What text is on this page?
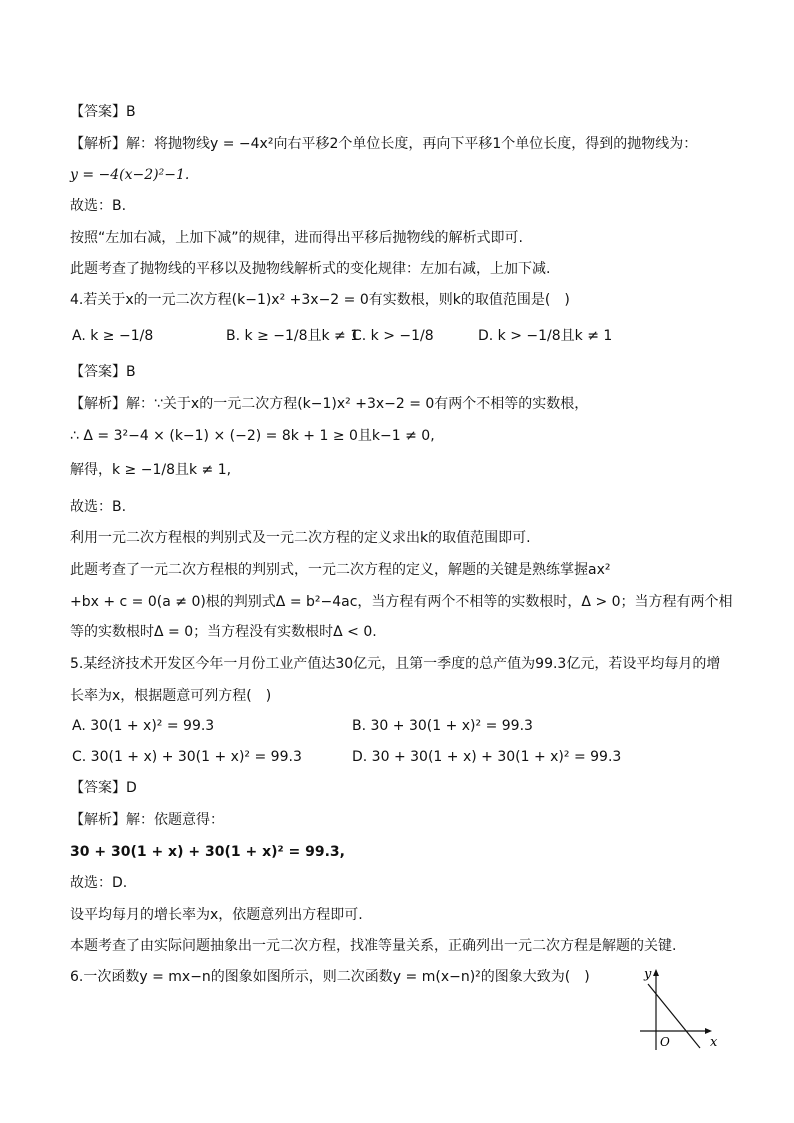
【答案】B
【解析】解：将抛物线y = −4x²向右平移2个单位长度，再向下平移1个单位长度，得到的抛物线为：
y = −4(x−2)²−1.
故选：B.
按照“左加右减，上加下减”的规律，进而得出平移后抛物线的解析式即可.
此题考查了抛物线的平移以及抛物线解析式的变化规律：左加右减，上加下减.
4.若关于x的一元二次方程(k−1)x² +3x−2 = 0有实数根，则k的取值范围是(　)
A. k ≥ −1/8	B. k ≥ −1/8且k ≠ 1
C. k > −1/8	D. k > −1/8且k ≠ 1
【答案】B
【解析】解：∵关于x的一元二次方程(k−1)x² +3x−2 = 0有两个不相等的实数根，
∴ Δ = 3²−4 × (k−1) × (−2) = 8k + 1 ≥ 0且k−1 ≠ 0,
解得，k ≥ −1/8且k ≠ 1,
故选：B.
利用一元二次方程根的判别式及一元二次方程的定义求出k的取值范围即可.
此题考查了一元二次方程根的判别式，一元二次方程的定义，解题的关键是熟练掌握ax²
+bx + c = 0(a ≠ 0)根的判别式Δ = b²−4ac，当方程有两个不相等的实数根时，Δ > 0；当方程有两个相
等的实数根时Δ = 0；当方程没有实数根时Δ < 0.
5.某经济技术开发区今年一月份工业产值达30亿元，且第一季度的总产值为99.3亿元，若设平均每月的增
长率为x，根据题意可列方程(　)
A. 30(1 + x)² = 99.3	B. 30 + 30(1 + x)² = 99.3
C. 30(1 + x) + 30(1 + x)² = 99.3	D. 30 + 30(1 + x) + 30(1 + x)² = 99.3
【答案】D
【解析】解：依题意得：
30 + 30(1 + x) + 30(1 + x)² = 99.3,
故选：D.
设平均每月的增长率为x，依题意列出方程即可.
本题考查了由实际问题抽象出一元二次方程，找准等量关系，正确列出一元二次方程是解题的关键.
6.一次函数y = mx−n的图象如图所示，则二次函数y = m(x−n)²的图象大致为(　)	y
x
O
